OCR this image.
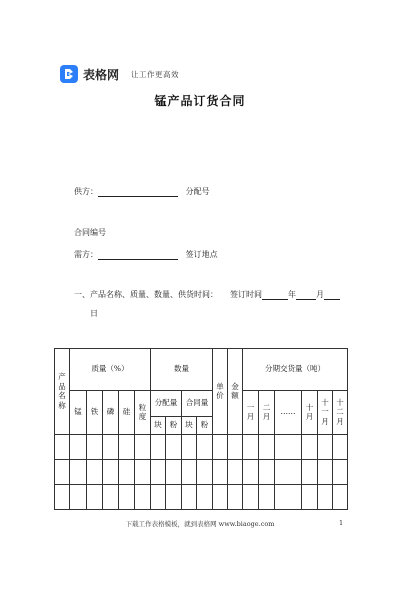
表格网 让工作更高效
锰产品订货合同
供方：	分配号
合同编号
需方：	签订地点
一、产品名称、质量、数量、供货时间： 签订时间	年	月
日
产品名称	质量（%）					数量				单价	金额	分期交货量（吨）					
	锰	铁	磷	硅	粒度	分配量		合同量				一月	二月	……	十月	十一月	十二月
						块	粉	块	粉								

下载工作表格模板，就到表格网 www.biaoge.com	1
